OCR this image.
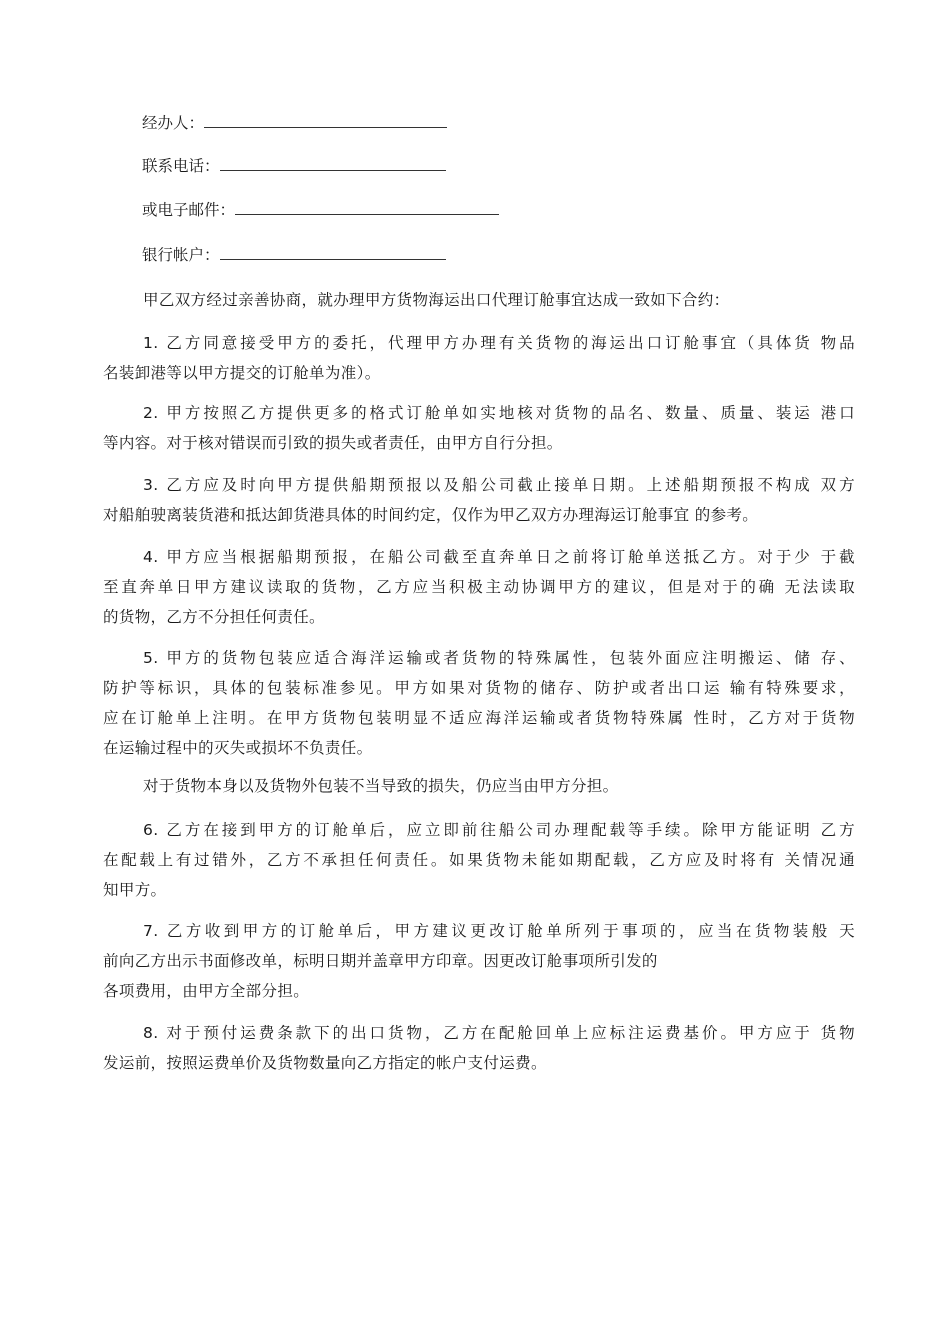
经办人：
联系电话：
或电子邮件：
银行帐户：
甲乙双方经过亲善协商，就办理甲方货物海运出口代理订舱事宜达成一致如下合约：
1. 乙方同意接受甲方的委托，代理甲方办理有关货物的海运出口订舱事宜（具体货 物品
名装卸港等以甲方提交的订舱单为准）。
2. 甲方按照乙方提供更多的格式订舱单如实地核对货物的品名、数量、质量、装运 港口
等内容。对于核对错误而引致的损失或者责任，由甲方自行分担。
3. 乙方应及时向甲方提供船期预报以及船公司截止接单日期。上述船期预报不构成 双方
对船舶驶离装货港和抵达卸货港具体的时间约定，仅作为甲乙双方办理海运订舱事宜 的参考。
4. 甲方应当根据船期预报，在船公司截至直奔单日之前将订舱单送抵乙方。对于少 于截
至直奔单日甲方建议读取的货物，乙方应当积极主动协调甲方的建议，但是对于的确 无法读取
的货物，乙方不分担任何责任。
5. 甲方的货物包装应适合海洋运输或者货物的特殊属性，包装外面应注明搬运、储 存、
防护等标识，具体的包装标准参见。甲方如果对货物的储存、防护或者出口运 输有特殊要求，
应在订舱单上注明。在甲方货物包装明显不适应海洋运输或者货物特殊属 性时，乙方对于货物
在运输过程中的灭失或损坏不负责任。
对于货物本身以及货物外包装不当导致的损失，仍应当由甲方分担。
6. 乙方在接到甲方的订舱单后，应立即前往船公司办理配载等手续。除甲方能证明 乙方
在配载上有过错外，乙方不承担任何责任。如果货物未能如期配载，乙方应及时将有 关情况通
知甲方。
7. 乙方收到甲方的订舱单后，甲方建议更改订舱单所列于事项的，应当在货物装般 天
前向乙方出示书面修改单，标明日期并盖章甲方印章。因更改订舱事项所引发的
各项费用，由甲方全部分担。
8. 对于预付运费条款下的出口货物，乙方在配舱回单上应标注运费基价。甲方应于 货物
发运前，按照运费单价及货物数量向乙方指定的帐户支付运费。
